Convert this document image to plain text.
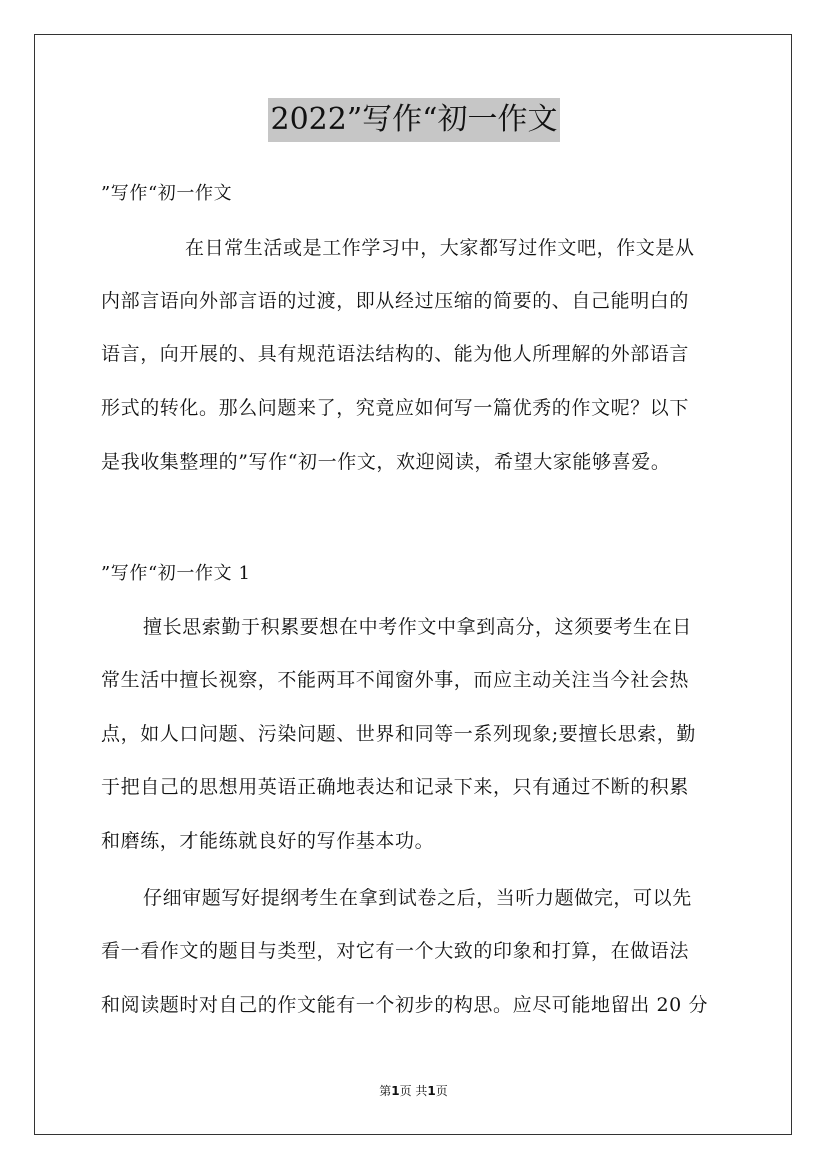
2022”写作“初一作文
”写作“初一作文
在日常生活或是工作学习中，大家都写过作文吧，作文是从
内部言语向外部言语的过渡，即从经过压缩的简要的、自己能明白的
语言，向开展的、具有规范语法结构的、能为他人所理解的外部语言
形式的转化。那么问题来了，究竟应如何写一篇优秀的作文呢？以下
是我收集整理的”写作“初一作文，欢迎阅读，希望大家能够喜爱。
”写作“初一作文 1
擅长思索勤于积累要想在中考作文中拿到高分，这须要考生在日
常生活中擅长视察，不能两耳不闻窗外事，而应主动关注当今社会热
点，如人口问题、污染问题、世界和同等一系列现象;要擅长思索，勤
于把自己的思想用英语正确地表达和记录下来，只有通过不断的积累
和磨练，才能练就良好的写作基本功。
仔细审题写好提纲考生在拿到试卷之后，当听力题做完，可以先
看一看作文的题目与类型，对它有一个大致的印象和打算，在做语法
和阅读题时对自己的作文能有一个初步的构思。应尽可能地留出 20 分
第1页 共1页
